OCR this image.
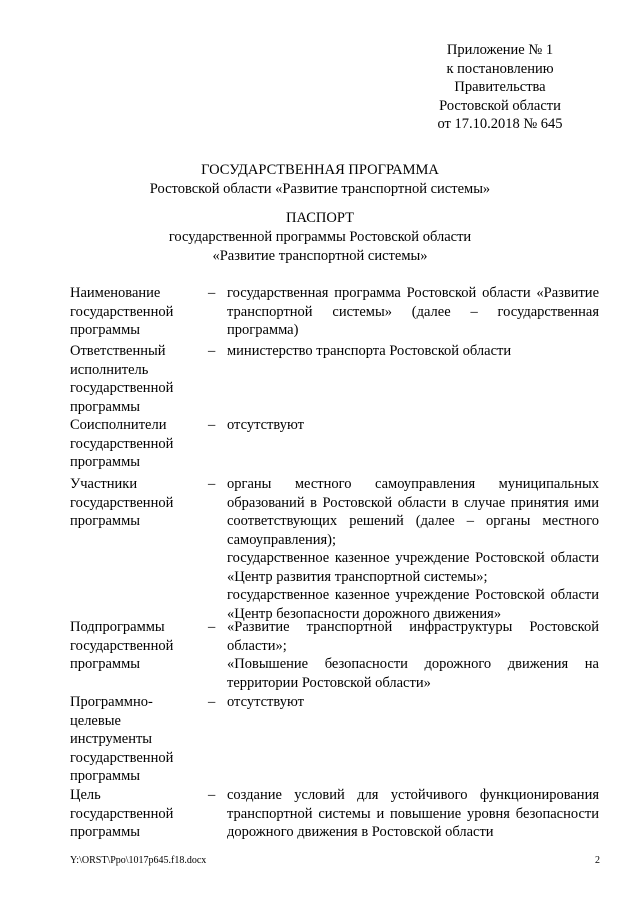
Приложение № 1
к постановлению
Правительства
Ростовской области
от 17.10.2018 № 645
ГОСУДАРСТВЕННАЯ ПРОГРАММА
Ростовской области «Развитие транспортной системы»
ПАСПОРТ
государственной программы Ростовской области
«Развитие транспортной системы»
Наименование
государственной
программы
– государственная программа Ростовской области «Развитие транспортной системы» (далее – государственная программа)

Ответственный
исполнитель
государственной
программы
– министерство транспорта Ростовской области

Соисполнители
государственной
программы
– отсутствуют

Участники
государственной
программы
– органы местного самоуправления муниципальных образований в Ростовской области в случае принятия ими соответствующих решений (далее – органы местного самоуправления);

государственное казенное учреждение Ростовской области «Центр развития транспортной системы»;

государственное казенное учреждение Ростовской области «Центр безопасности дорожного движения»

Подпрограммы
государственной
программы
– «Развитие транспортной инфраструктуры Ростовской области»;

«Повышение безопасности дорожного движения на территории Ростовской области»

Программно-
целевые
инструменты
государственной
программы
– отсутствуют

Цель
государственной
программы
– создание условий для устойчивого функционирования транспортной системы и повышение уровня безопасности дорожного движения в Ростовской области

Y:\ORST\Ppo\1017p645.f18.docx	2
